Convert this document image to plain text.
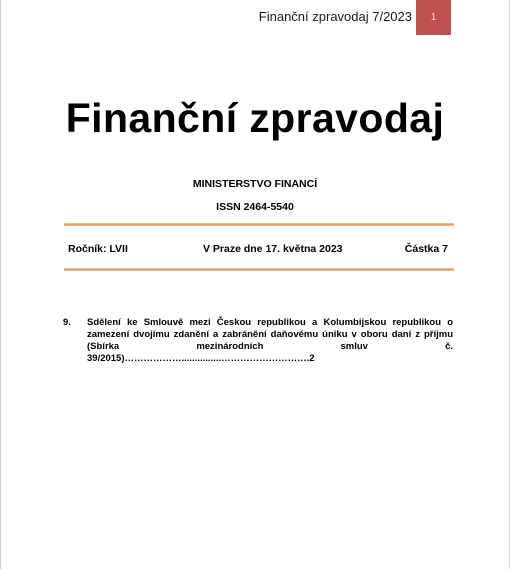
Finanční zpravodaj 7/2023 1
Finanční zpravodaj
MINISTERSTVO FINANCÍ
ISSN 2464-5540
Ročník: LVII	V Praze dne 17. května 2023	Částka 7
9. Sdělení ke Smlouvě mezi Českou republikou a Kolumbijskou republikou o zamezení dvojímu zdanění a zabránění daňovému úniku v oboru daní z příjmu (Sbírka mezinárodních smluv č. 39/2015)………………...............……………………….2
